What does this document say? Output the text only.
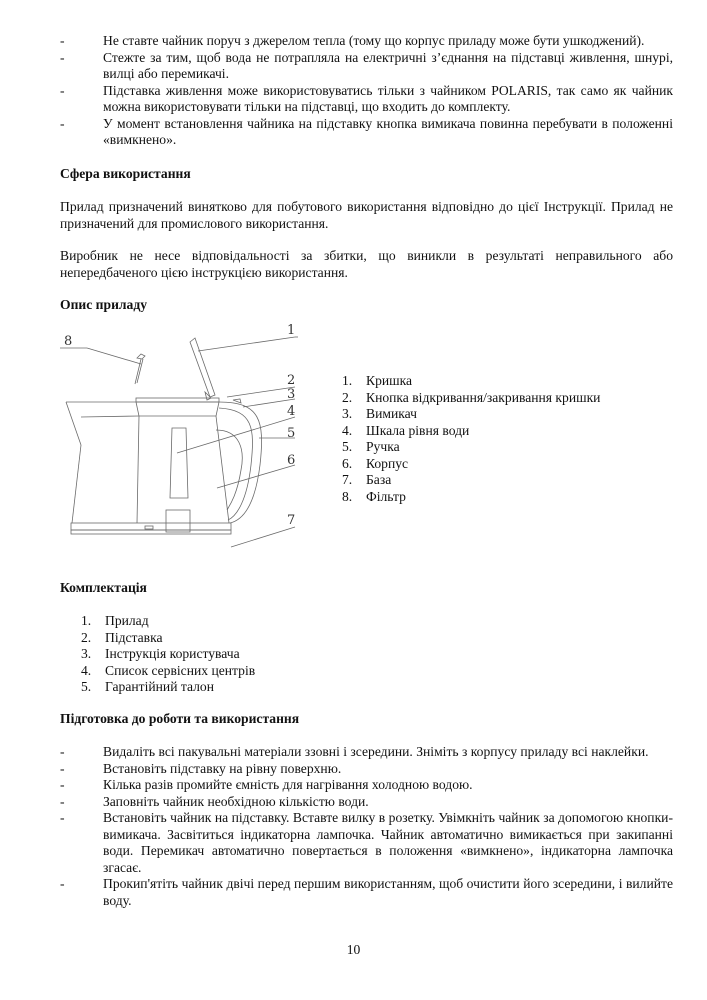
-	Не ставте чайник поруч з джерелом тепла (тому що корпус приладу може бути ушкоджений).
-	Стежте за тим, щоб вода не потрапляла на електричні з’єднання на підставці живлення, шнурі, вилці або перемикачі.
-	Підставка живлення може використовуватись тільки з чайником POLARIS, так само як чайник можна використовувати тільки на підставці, що входить до комплекту.
-	У момент встановлення чайника на підставку кнопка вимикача повинна перебувати в положенні «вимкнено».
Сфера використання
Прилад призначений винятково для побутового використання відповідно до цієї Інструкції. Прилад не призначений для промислового використання.
Виробник не несе відповідальності за збитки, що виникли в результаті неправильного або непередбаченого цією інструкцією використання.
Опис приладу
8
1
2
3
4
5
6
7
1. Кришка
2. Кнопка відкривання/закривання кришки
3. Вимикач
4. Шкала рівня води
5. Ручка
6. Корпус
7. База
8. Фільтр
Комплектація
1. Прилад
2. Підставка
3. Інструкція користувача
4. Список сервісних центрів
5. Гарантійний талон
Підготовка до роботи та використання
-	Видаліть всі пакувальні матеріали ззовні і зсередини. Зніміть з корпусу приладу всі наклейки.
-	Встановіть підставку на рівну поверхню.
-	Кілька разів промийте ємність для нагрівання холодною водою.
-	Заповніть чайник необхідною кількістю води.
-	Встановіть чайник на підставку. Вставте вилку в розетку. Увімкніть чайник за допомогою кнопки-вимикача. Засвітиться індикаторна лампочка. Чайник автоматично вимикається при закипанні води. Перемикач автоматично повертається в положення «вимкнено», індикаторна лампочка згасає.
-	Прокип'ятіть чайник двічі перед першим використанням, щоб очистити його зсередини, і вилийте воду.
10
